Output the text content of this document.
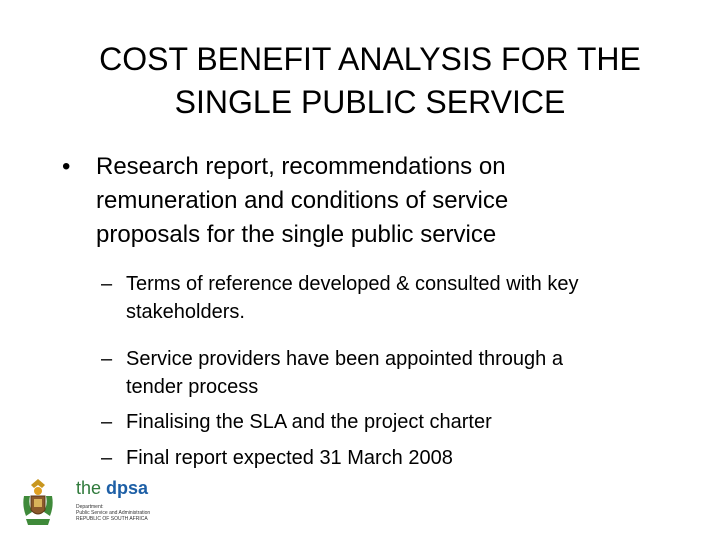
COST BENEFIT ANALYSIS FOR THE
SINGLE PUBLIC SERVICE
• Research report, recommendations on
remuneration and conditions of service
proposals for the single public service
– Terms of reference developed & consulted with key
stakeholders.
– Service providers have been appointed through a
tender process
– Finalising the SLA and the project charter
– Final report expected 31 March 2008
the dpsa
Department:
Public Service and Administration
REPUBLIC OF SOUTH AFRICA
